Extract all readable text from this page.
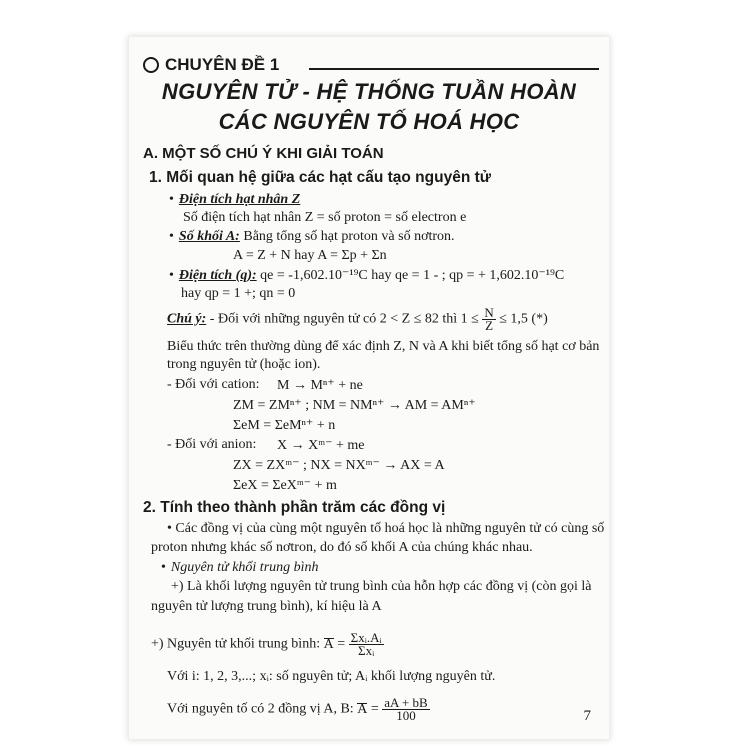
CHUYÊN ĐỀ 1
NGUYÊN TỬ - HỆ THỐNG TUẦN HOÀN
CÁC NGUYÊN TỐ HOÁ HỌC
A. MỘT SỐ CHÚ Ý KHI GIẢI TOÁN
1. Mối quan hệ giữa các hạt cấu tạo nguyên tử
• Điện tích hạt nhân Z
Số điện tích hạt nhân Z = số proton = số electron e
• Số khối A: Bằng tổng số hạt proton và số nơtron.
A = Z + N hay A = Σp + Σn
• Điện tích (q): qe = -1,602.10⁻¹⁹C hay qe = 1 - ; qp = + 1,602.10⁻¹⁹C
hay qp = 1 +; qn = 0
Chú ý: - Đối với những nguyên tử có 2 < Z ≤ 82 thì $1 \le \frac{N}{Z} \le 1,5$ (*)
Biểu thức trên thường dùng để xác định Z, N và A khi biết tổng số hạt cơ bản
trong nguyên tử (hoặc ion).
- Đối với cation: M → Mⁿ⁺ + ne
ZM = ZMⁿ⁺ ; NM = NMⁿ⁺ → AM = AMⁿ⁺
ΣeM = ΣeMⁿ⁺ + n
- Đối với anion: X → Xᵐ⁻ + me
ZX = ZXᵐ⁻ ; NX = NXᵐ⁻ → AX = A
ΣeX = ΣeXᵐ⁻ + m
2. Tính theo thành phần trăm các đồng vị
• Các đồng vị của cùng một nguyên tố hoá học là những nguyên tử có cùng số
proton nhưng khác số nơtron, do đó số khối A của chúng khác nhau.
• Nguyên tử khối trung bình
+) Là khối lượng nguyên tử trung bình của hỗn hợp các đồng vị (còn gọi là
nguyên tử lượng trung bình), kí hiệu là A
+) Nguyên tử khối trung bình: $A = \frac{\text{Σxᵢ.Aᵢ}}{\text{Σxᵢ}}$
Với i: 1, 2, 3,...; xᵢ: số nguyên tử; Aᵢ khối lượng nguyên tử.
Với nguyên tố có 2 đồng vị A, B: $A = \frac{aA + bB}{100}$	7
